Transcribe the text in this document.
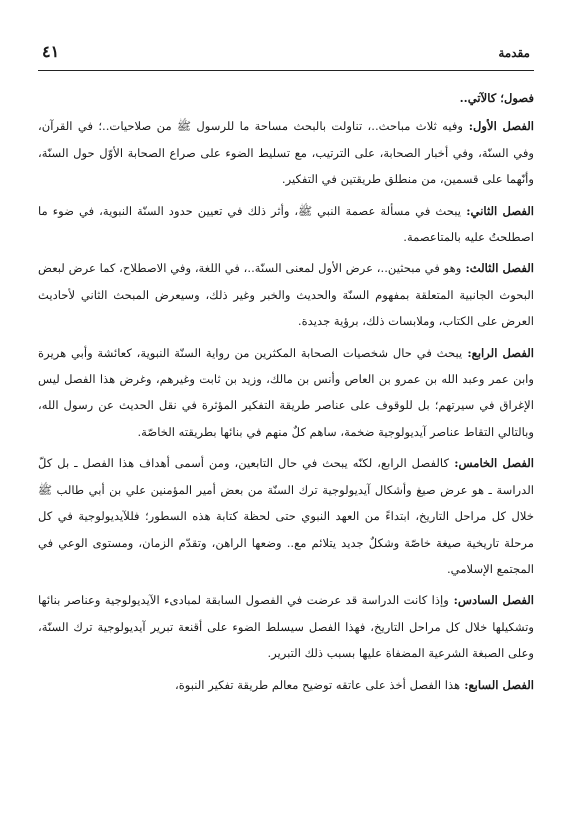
مقدمة
٤١

فصول؛ كالآتي..

الفصل الأول:وفيه ثلاث مباحث..، تناولت بالبحث مساحة ما للرسول ﷺ من صلاحيات..؛ في القرآن، وفي السنّة، وفي أخبار الصحابة، على الترتيب، مع تسليط الضوء على صراع الصحابة الأوّل حول السنّة، وأنّهما على قسمين، من منطلق طريقتين في التفكير.

الفصل الثاني:يبحث في مسألة عصمة النبي ﷺ، وأثر ذلك في تعيين حدود السنّة النبوية، في ضوء ما اصطلحتُ عليه بالمتاعصمة.

الفصل الثالث:وهو في مبحثين..، عرض الأول لمعنى السنّة..، في اللغة، وفي الاصطلاح، كما عرض لبعض البحوث الجانبية المتعلقة بمفهوم السنّة والحديث والخبر وغير ذلك، وسيعرض المبحث الثاني لأحاديث العرض على الكتاب، وملابسات ذلك، برؤية جديدة.

الفصل الرابع:يبحث في حال شخصيات الصحابة المكثرين من رواية السنّة النبوية، كعائشة وأبي هريرة وابن عمر وعبد الله بن عمرو بن العاص وأنس بن مالك، وزيد بن ثابت وغيرهم، وغرض هذا الفصل ليس الإغراق في سيرتهم؛ بل للوقوف على عناصر طريقة التفكير المؤثرة في نقل الحديث عن رسول الله، وبالتالي التقاط عناصر آيديولوجية ضخمة، ساهم كلٌ منهم في بنائها بطريقته الخاصّة.

الفصل الخامس:كالفصل الرابع، لكنّه يبحث في حال التابعين، ومن أسمى أهداف هذا الفصل ـ بل كلّ الدراسة ـ هو عرض صيغ وأشكال آيديولوجية ترك السنّة من بعض أمير المؤمنين علي بن أبي طالب ﷺ خلال كل مراحل التاريخ، ابتداءً من العهد النبوي حتى لحظة كتابة هذه السطور؛ فللآيديولوجية في كل مرحلة تاريخية صيغة خاصّة وشكلٌ جديد يتلائم مع.. وضعها الراهن، وتقدّم الزمان، ومستوى الوعي في المجتمع الإسلامي.

الفصل السادس:وإذا كانت الدراسة قد عرضت في الفصول السابقة لمبادىء الآيديولوجية وعناصر بنائها وتشكيلها خلال كل مراحل التاريخ، فهذا الفصل سيسلط الضوء على أقنعة تبرير آيديولوجية ترك السنّة، وعلى الصبغة الشرعية المضفاة عليها بسبب ذلك التبرير.

الفصل السابع:هذا الفصل أخذ على عاتقه توضيح معالم طريقة تفكير النبوة،
